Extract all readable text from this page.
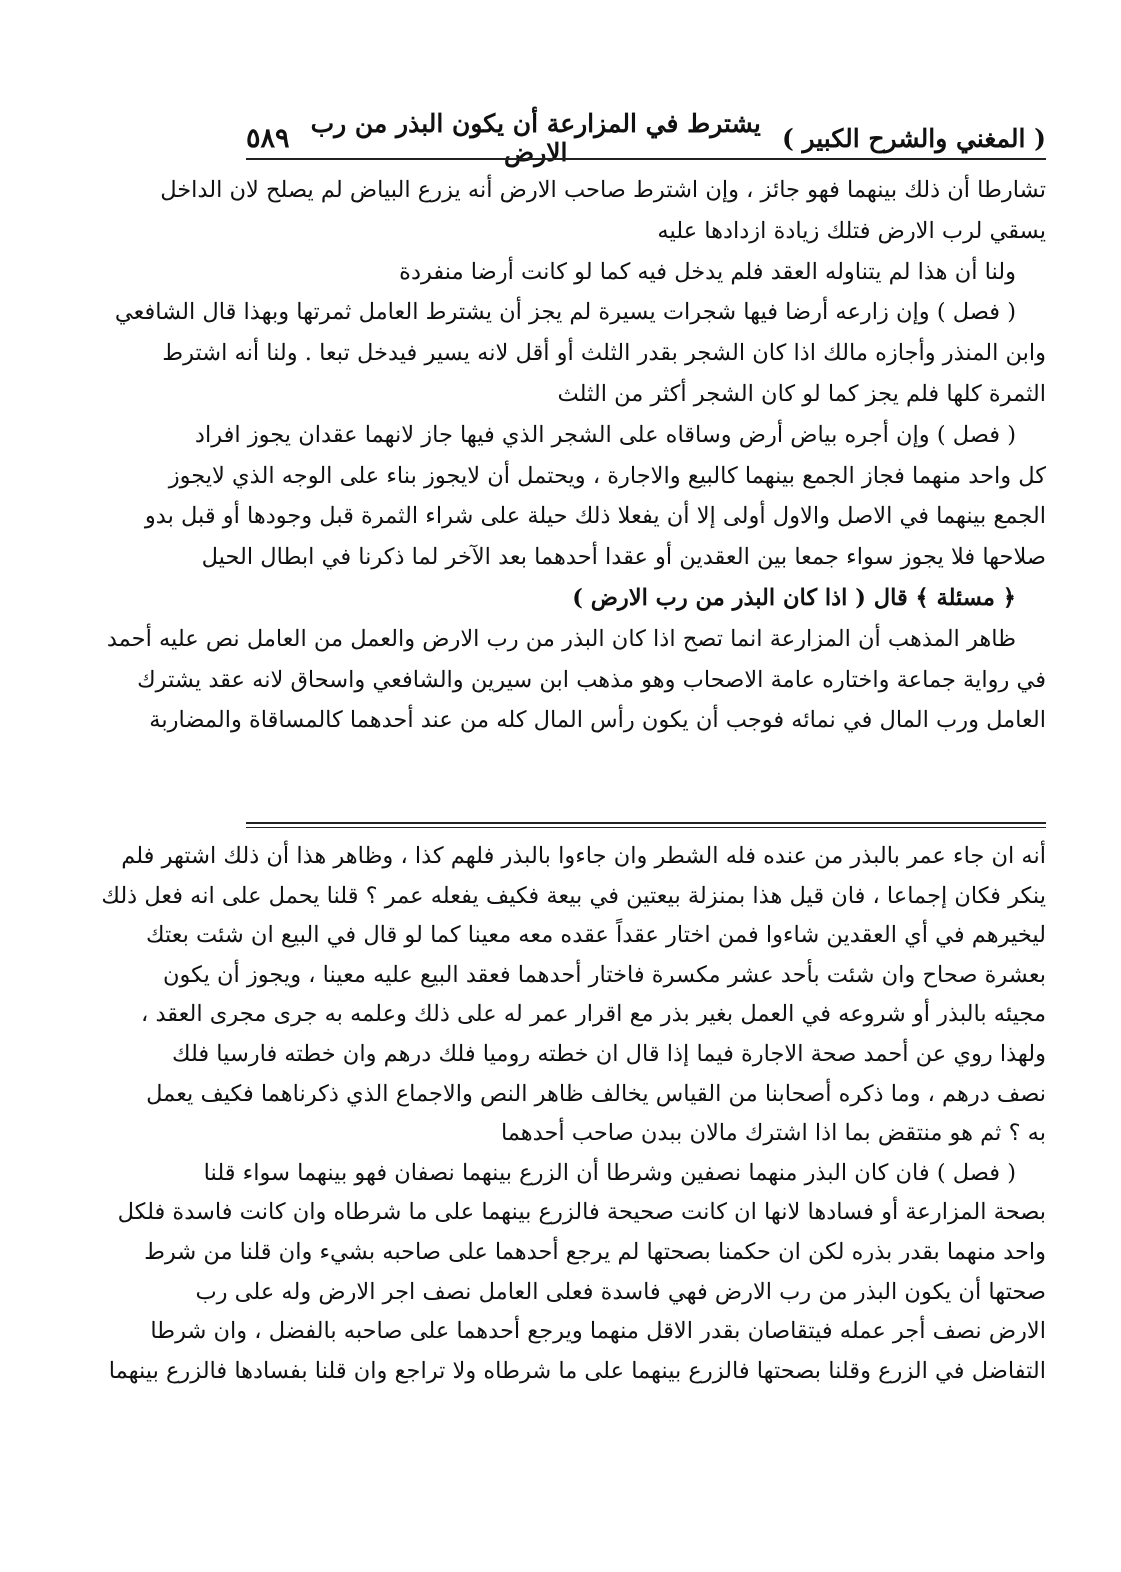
( المغني والشرح الكبير )
يشترط في المزارعة أن يكون البذر من رب الارض
٥٨٩
تشارطا أن ذلك بينهما فهو جائز ، وإن اشترط صاحب الارض أنه يزرع البياض لم يصلح لان الداخل
يسقي لرب الارض فتلك زيادة ازدادها عليه
ولنا أن هذا لم يتناوله العقد فلم يدخل فيه كما لو كانت أرضا منفردة
( فصل ) وإن زارعه أرضا فيها شجرات يسيرة لم يجز أن يشترط العامل ثمرتها وبهذا قال الشافعي
وابن المنذر وأجازه مالك اذا كان الشجر بقدر الثلث أو أقل لانه يسير فيدخل تبعا . ولنا أنه اشترط
الثمرة كلها فلم يجز كما لو كان الشجر أكثر من الثلث
( فصل ) وإن أجره بياض أرض وساقاه على الشجر الذي فيها جاز لانهما عقدان يجوز افراد
كل واحد منهما فجاز الجمع بينهما كالبيع والاجارة ، ويحتمل أن لايجوز بناء على الوجه الذي لايجوز
الجمع بينهما في الاصل والاول أولى إلا أن يفعلا ذلك حيلة على شراء الثمرة قبل وجودها أو قبل بدو
صلاحها فلا يجوز سواء جمعا بين العقدين أو عقدا أحدهما بعد الآخر لما ذكرنا في ابطال الحيل
﴿ مسئلة ﴾ قال ( اذا كان البذر من رب الارض )
ظاهر المذهب أن المزارعة انما تصح اذا كان البذر من رب الارض والعمل من العامل نص عليه أحمد
في رواية جماعة واختاره عامة الاصحاب وهو مذهب ابن سيرين والشافعي واسحاق لانه عقد يشترك
العامل ورب المال في نمائه فوجب أن يكون رأس المال كله من عند أحدهما كالمساقاة والمضاربة
أنه ان جاء عمر بالبذر من عنده فله الشطر وان جاءوا بالبذر فلهم كذا ، وظاهر هذا أن ذلك اشتهر فلم
ينكر فكان إجماعا ، فان قيل هذا بمنزلة بيعتين في بيعة فكيف يفعله عمر ؟ قلنا يحمل على انه فعل ذلك
ليخيرهم في أي العقدين شاءوا فمن اختار عقداً عقده معه معينا كما لو قال في البيع ان شئت بعتك
بعشرة صحاح وان شئت بأحد عشر مكسرة فاختار أحدهما فعقد البيع عليه معينا ، ويجوز أن يكون
مجيئه بالبذر أو شروعه في العمل بغير بذر مع اقرار عمر له على ذلك وعلمه به جرى مجرى العقد ،
ولهذا روي عن أحمد صحة الاجارة فيما إذا قال ان خطته روميا فلك درهم وان خطته فارسيا فلك
نصف درهم ، وما ذكره أصحابنا من القياس يخالف ظاهر النص والاجماع الذي ذكرناهما فكيف يعمل
به ؟ ثم هو منتقض بما اذا اشترك مالان ببدن صاحب أحدهما
( فصل ) فان كان البذر منهما نصفين وشرطا أن الزرع بينهما نصفان فهو بينهما سواء قلنا
بصحة المزارعة أو فسادها لانها ان كانت صحيحة فالزرع بينهما على ما شرطاه وان كانت فاسدة فلكل
واحد منهما بقدر بذره لكن ان حكمنا بصحتها لم يرجع أحدهما على صاحبه بشيء وان قلنا من شرط
صحتها أن يكون البذر من رب الارض فهي فاسدة فعلى العامل نصف اجر الارض وله على رب
الارض نصف أجر عمله فيتقاصان بقدر الاقل منهما ويرجع أحدهما على صاحبه بالفضل ، وان شرطا
التفاضل في الزرع وقلنا بصحتها فالزرع بينهما على ما شرطاه ولا تراجع وان قلنا بفسادها فالزرع بينهما
